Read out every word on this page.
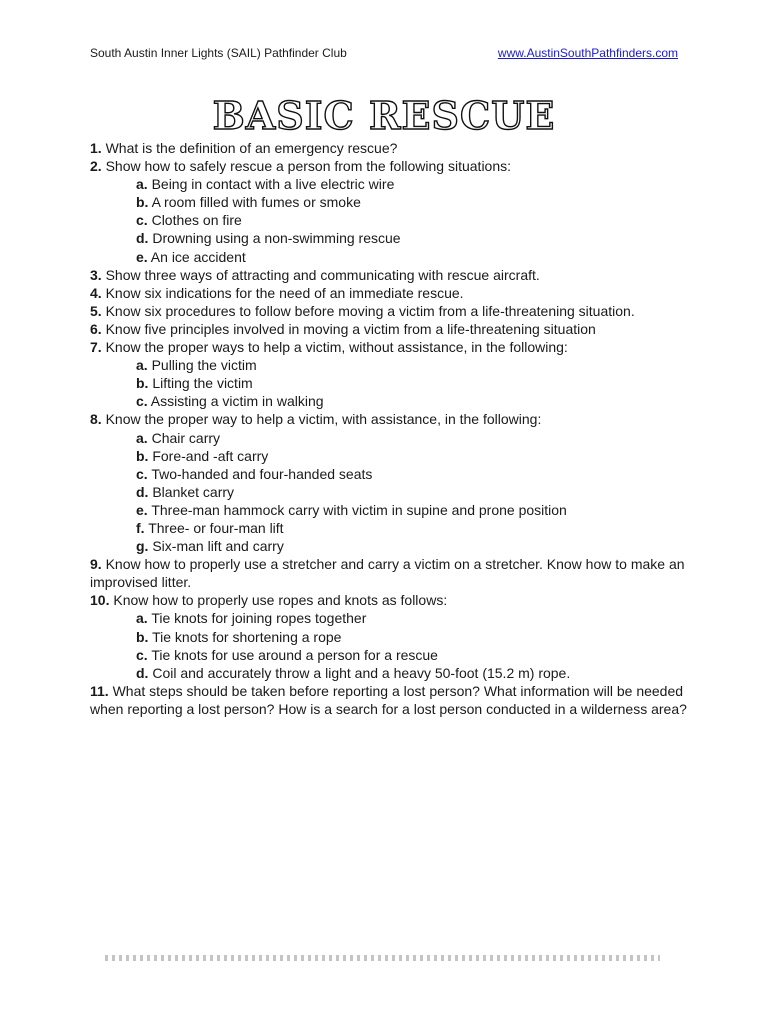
South Austin Inner Lights (SAIL) Pathfinder Club	www.AustinSouthPathfinders.com
BASIC RESCUE

1. What is the definition of an emergency rescue?

2. Show how to safely rescue a person from the following situations:

a. Being in contact with a live electric wire

b. A room filled with fumes or smoke

c. Clothes on fire

d. Drowning using a non-swimming rescue

e. An ice accident

3. Show three ways of attracting and communicating with rescue aircraft.

4. Know six indications for the need of an immediate rescue.

5. Know six procedures to follow before moving a victim from a life-threatening situation.

6. Know five principles involved in moving a victim from a life-threatening situation

7. Know the proper ways to help a victim, without assistance, in the following:

a. Pulling the victim

b. Lifting the victim

c. Assisting a victim in walking

8. Know the proper way to help a victim, with assistance, in the following:

a. Chair carry

b. Fore-and -aft carry

c. Two-handed and four-handed seats

d. Blanket carry

e. Three-man hammock carry with victim in supine and prone position

f. Three- or four-man lift

g. Six-man lift and carry

9. Know how to properly use a stretcher and carry a victim on a stretcher. Know how to make an improvised litter.

10. Know how to properly use ropes and knots as follows:

a. Tie knots for joining ropes together

b. Tie knots for shortening a rope

c. Tie knots for use around a person for a rescue

d. Coil and accurately throw a light and a heavy 50-foot (15.2 m) rope.

11. What steps should be taken before reporting a lost person? What information will be needed when reporting a lost person? How is a search for a lost person conducted in a wilderness area?
